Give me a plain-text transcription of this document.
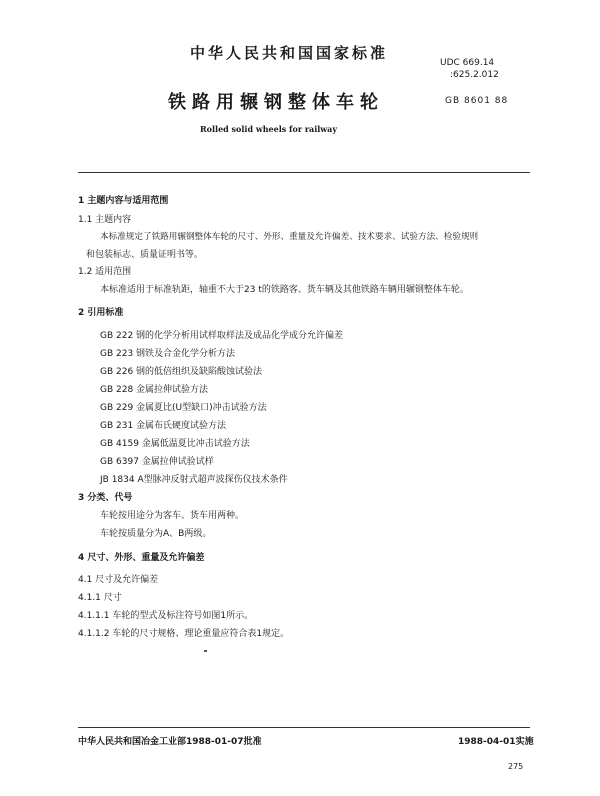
中华人民共和国国家标准
UDC 669.14
:625.2.012
铁路用辗钢整体车轮	GB 8601 88
Rolled solid wheels for railway
1 主题内容与适用范围
1.1 主题内容
本标准规定了铁路用辗钢整体车轮的尺寸、外形、重量及允许偏差、技术要求、试验方法、检验规则
和包装标志、质量证明书等。
1.2 适用范围
本标准适用于标准轨距，轴重不大于23 t的铁路客、货车辆及其他铁路车辆用辗钢整体车轮。
2 引用标准
GB 222 钢的化学分析用试样取样法及成品化学成分允许偏差
GB 223 钢铁及合金化学分析方法
GB 226 钢的低倍组织及缺陷酸蚀试验法
GB 228 金属拉伸试验方法
GB 229 金属夏比(U型缺口)冲击试验方法
GB 231 金属布氏硬度试验方法
GB 4159 金属低温夏比冲击试验方法
GB 6397 金属拉伸试验试样
JB 1834 A型脉冲反射式超声波探伤仪技术条件
3 分类、代号
车轮按用途分为客车、货车用两种。
车轮按质量分为A、B两级。
4 尺寸、外形、重量及允许偏差
4.1 尺寸及允许偏差
4.1.1 尺寸
4.1.1.1 车轮的型式及标注符号如图1所示。
4.1.1.2 车轮的尺寸规格、理论重量应符合表1规定。
中华人民共和国冶金工业部1988-01-07批准	1988-04-01实施
275
